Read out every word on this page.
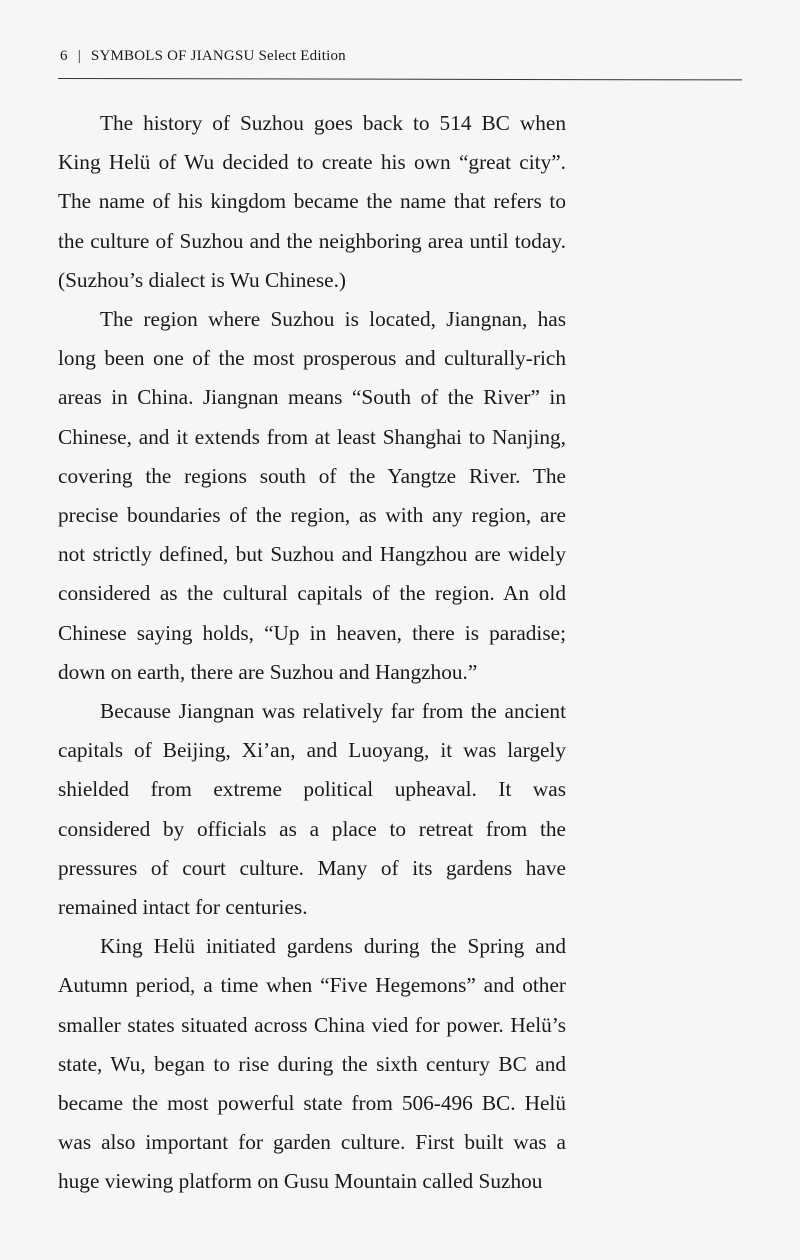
6 | SYMBOLS OF JIANGSU Select Edition

The history of Suzhou goes back to 514 BC when King Helü of Wu decided to create his own “great city”. The name of his kingdom became the name that refers to the culture of Suzhou and the neighboring area until today. (Suzhou’s dialect is Wu Chinese.)

The region where Suzhou is located, Jiangnan, has long been one of the most prosperous and culturally-rich areas in China. Jiangnan means “South of the River” in Chinese, and it extends from at least Shanghai to Nanjing, covering the regions south of the Yangtze River. The precise boundaries of the region, as with any region, are not strictly defined, but Suzhou and Hangzhou are widely considered as the cultural capitals of the region. An old Chinese saying holds, “Up in heaven, there is paradise; down on earth, there are Suzhou and Hangzhou.”

Because Jiangnan was relatively far from the ancient capitals of Beijing, Xi’an, and Luoyang, it was largely shielded from extreme political upheaval. It was considered by officials as a place to retreat from the pressures of court culture. Many of its gardens have remained intact for centuries.

King Helü initiated gardens during the Spring and Autumn period, a time when “Five Hegemons” and other smaller states situated across China vied for power. Helü’s state, Wu, began to rise during the sixth century BC and became the most powerful state from 506-496 BC. Helü was also important for garden culture. First built was a huge viewing platform on Gusu Mountain called Suzhou
